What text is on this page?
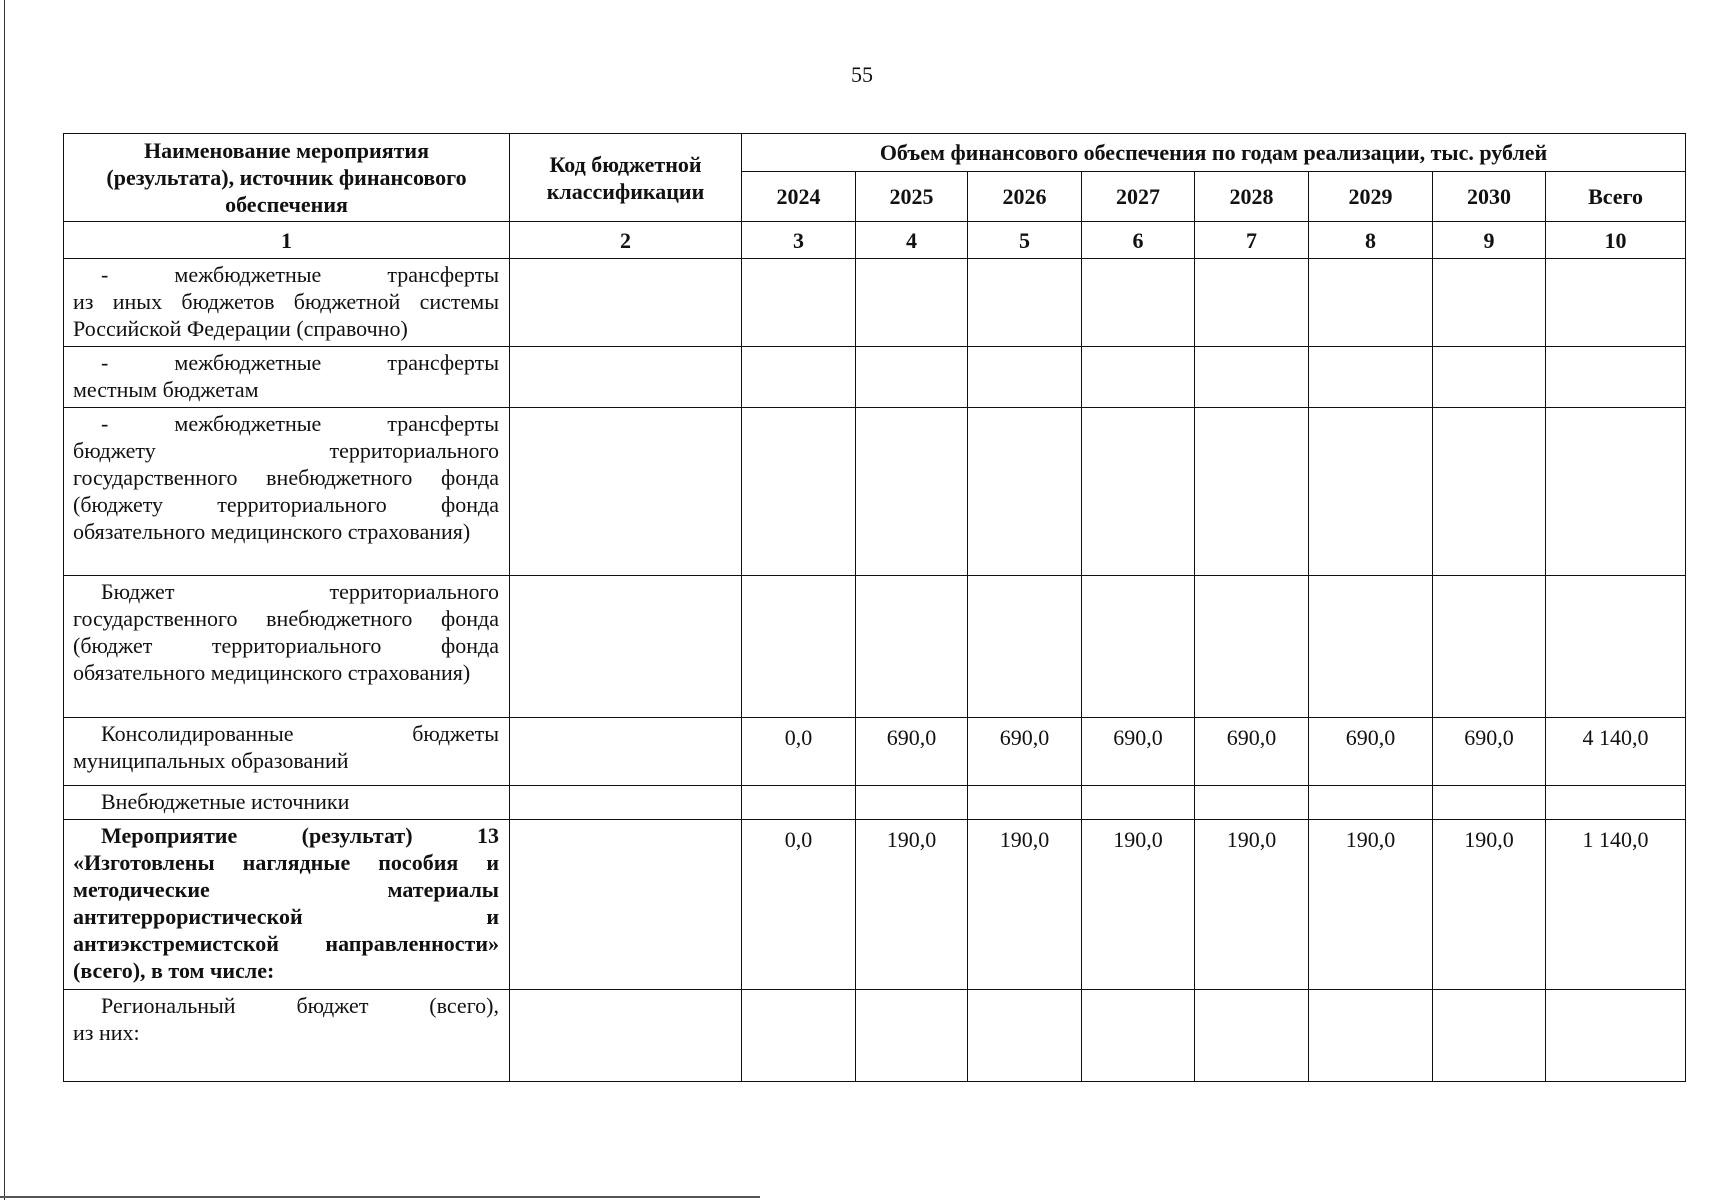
55
Наименование мероприятия (результата), источник финансового обеспечения	Код бюджетной классификации	Объем финансового обеспечения по годам реализации, тыс. рублей							
		2024	2025	2026	2027	2028	2029	2030	Всего
1	2	3	4	5	6	7	8	9	10

- межбюджетные трансферты
из иных бюджетов бюджетной системы Российской Федерации (справочно)									

- межбюджетные трансферты
местным бюджетам									

- межбюджетные трансферты
бюджету территориального государственного внебюджетного фонда (бюджету территориального фонда обязательного медицинского страхования)									

Бюджет территориального
государственного внебюджетного фонда (бюджет территориального фонда обязательного медицинского страхования)									

Консолидированные бюджеты
муниципальных образований		0,0	690,0	690,0	690,0	690,0	690,0	690,0	4 140,0

Внебюджетные источники									

Мероприятие (результат) 13
«Изготовлены наглядные пособия и методические материалы антитеррористической и антиэкстремистской направленности» (всего), в том числе:		0,0	190,0	190,0	190,0	190,0	190,0	190,0	1 140,0

Региональный бюджет (всего),
из них:									
